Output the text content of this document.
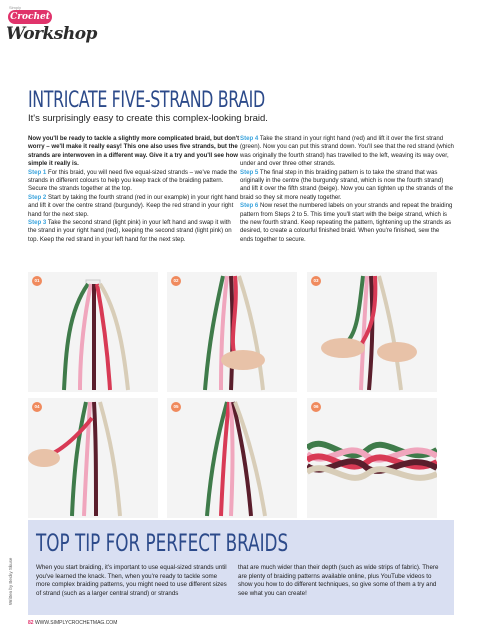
Simply
Crochet
Workshop
INTRICATE FIVE-STRAND BRAID
It's surprisingly easy to create this complex-looking braid.

Now you'll be ready to tackle a slightly more complicated braid, but don't worry – we'll make it really easy! This one also uses five strands, but the strands are interwoven in a different way. Give it a try and you'll see how simple it really is.

Step 1 For this braid, you will need five equal-sized strands – we've made the strands in different colours to help you keep track of the braiding pattern. Secure the strands together at the top.

Step 2 Start by taking the fourth strand (red in our example) in your right hand and lift it over the centre strand (burgundy). Keep the red strand in your right hand for the next step.

Step 3 Take the second strand (light pink) in your left hand and swap it with the strand in your right hand (red), keeping the second strand (light pink) on top. Keep the red strand in your left hand for the next step.

Step 4 Take the strand in your right hand (red) and lift it over the first strand (green). Now you can put this strand down. You'll see that the red strand (which was originally the fourth strand) has travelled to the left, weaving its way over, under and over three other strands.

Step 5 The final step in this braiding pattern is to take the strand that was originally in the centre (the burgundy strand, which is now the fourth strand) and lift it over the fifth strand (beige). Now you can tighten up the strands of the braid so they sit more neatly together.

Step 6 Now reset the numbered labels on your strands and repeat the braiding pattern from Steps 2 to 5. This time you'll start with the beige strand, which is the new fourth strand. Keep repeating the pattern, tightening up the strands as desired, to create a colourful finished braid. When you're finished, sew the ends together to secure.

01	02	03
04	05	06
TOP TIP FOR PERFECT BRAIDS

When you start braiding, it's important to use equal-sized strands until you've learned the knack. Then, when you're ready to tackle some more complex braiding patterns, you might need to use different sizes of strand (such as a larger central strand) or strands

that are much wider than their depth (such as wide strips of fabric). There are plenty of braiding patterns available online, plus YouTube videos to show you how to do different techniques, so give some of them a try and see what you can create!

Written by Becky Skuse
82 WWW.SIMPLYCROCHETMAG.COM
